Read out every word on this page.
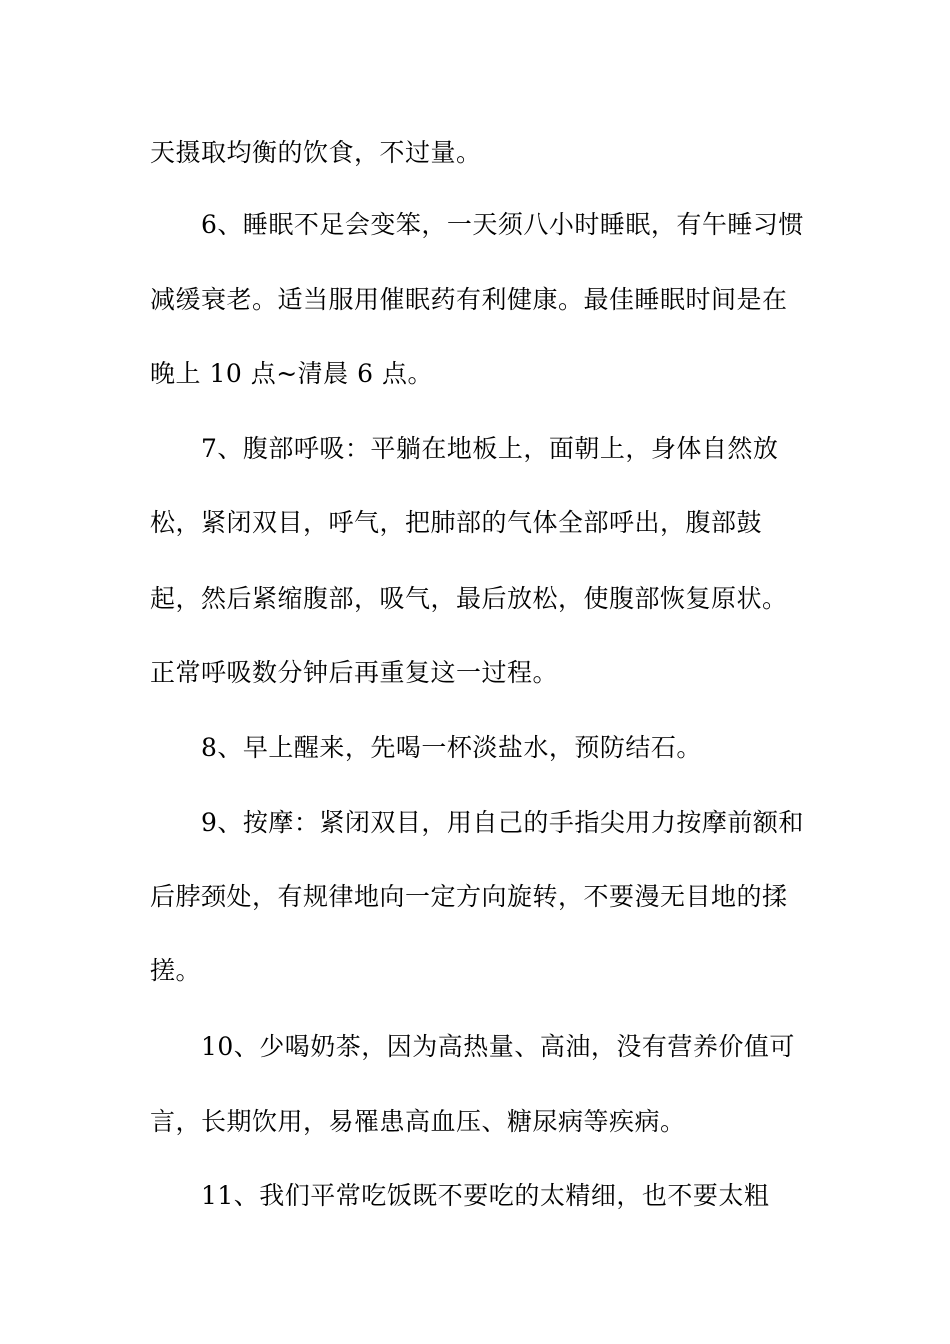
天摄取均衡的饮食，不过量。
6、睡眠不足会变笨，一天须八小时睡眠，有午睡习惯
减缓衰老。适当服用催眠药有利健康。最佳睡眠时间是在
晚上 10 点~清晨 6 点。
7、腹部呼吸：平躺在地板上，面朝上，身体自然放
松，紧闭双目，呼气，把肺部的气体全部呼出，腹部鼓
起，然后紧缩腹部，吸气，最后放松，使腹部恢复原状。
正常呼吸数分钟后再重复这一过程。
8、早上醒来，先喝一杯淡盐水，预防结石。
9、按摩：紧闭双目，用自己的手指尖用力按摩前额和
后脖颈处，有规律地向一定方向旋转，不要漫无目地的揉
搓。
10、少喝奶茶，因为高热量、高油，没有营养价值可
言，长期饮用，易罹患高血压、糖尿病等疾病。
11、我们平常吃饭既不要吃的太精细，也不要太粗
